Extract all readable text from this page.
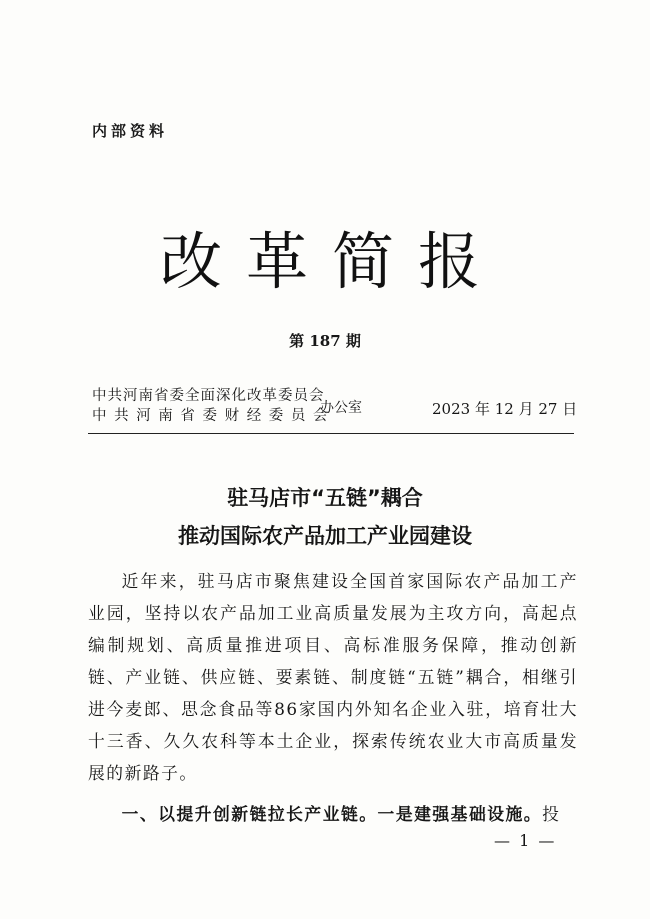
内部资料
改革简报
第 187 期
中共河南省委全面深化改革委员会
中共河南省委财经委员会
办公室	2023 年 12 月 27 日
驻马店市“五链”耦合
推动国际农产品加工产业园建设
近年来，驻马店市聚焦建设全国首家国际农产品加工产业园，坚持以农产品加工业高质量发展为主攻方向，高起点编制规划、高质量推进项目、高标准服务保障，推动创新链、产业链、供应链、要素链、制度链“五链”耦合，相继引进今麦郎、思念食品等86家国内外知名企业入驻，培育壮大十三香、久久农科等本土企业，探索传统农业大市高质量发展的新路子。
一、以提升创新链拉长产业链。一是建强基础设施。投
— 1 —
